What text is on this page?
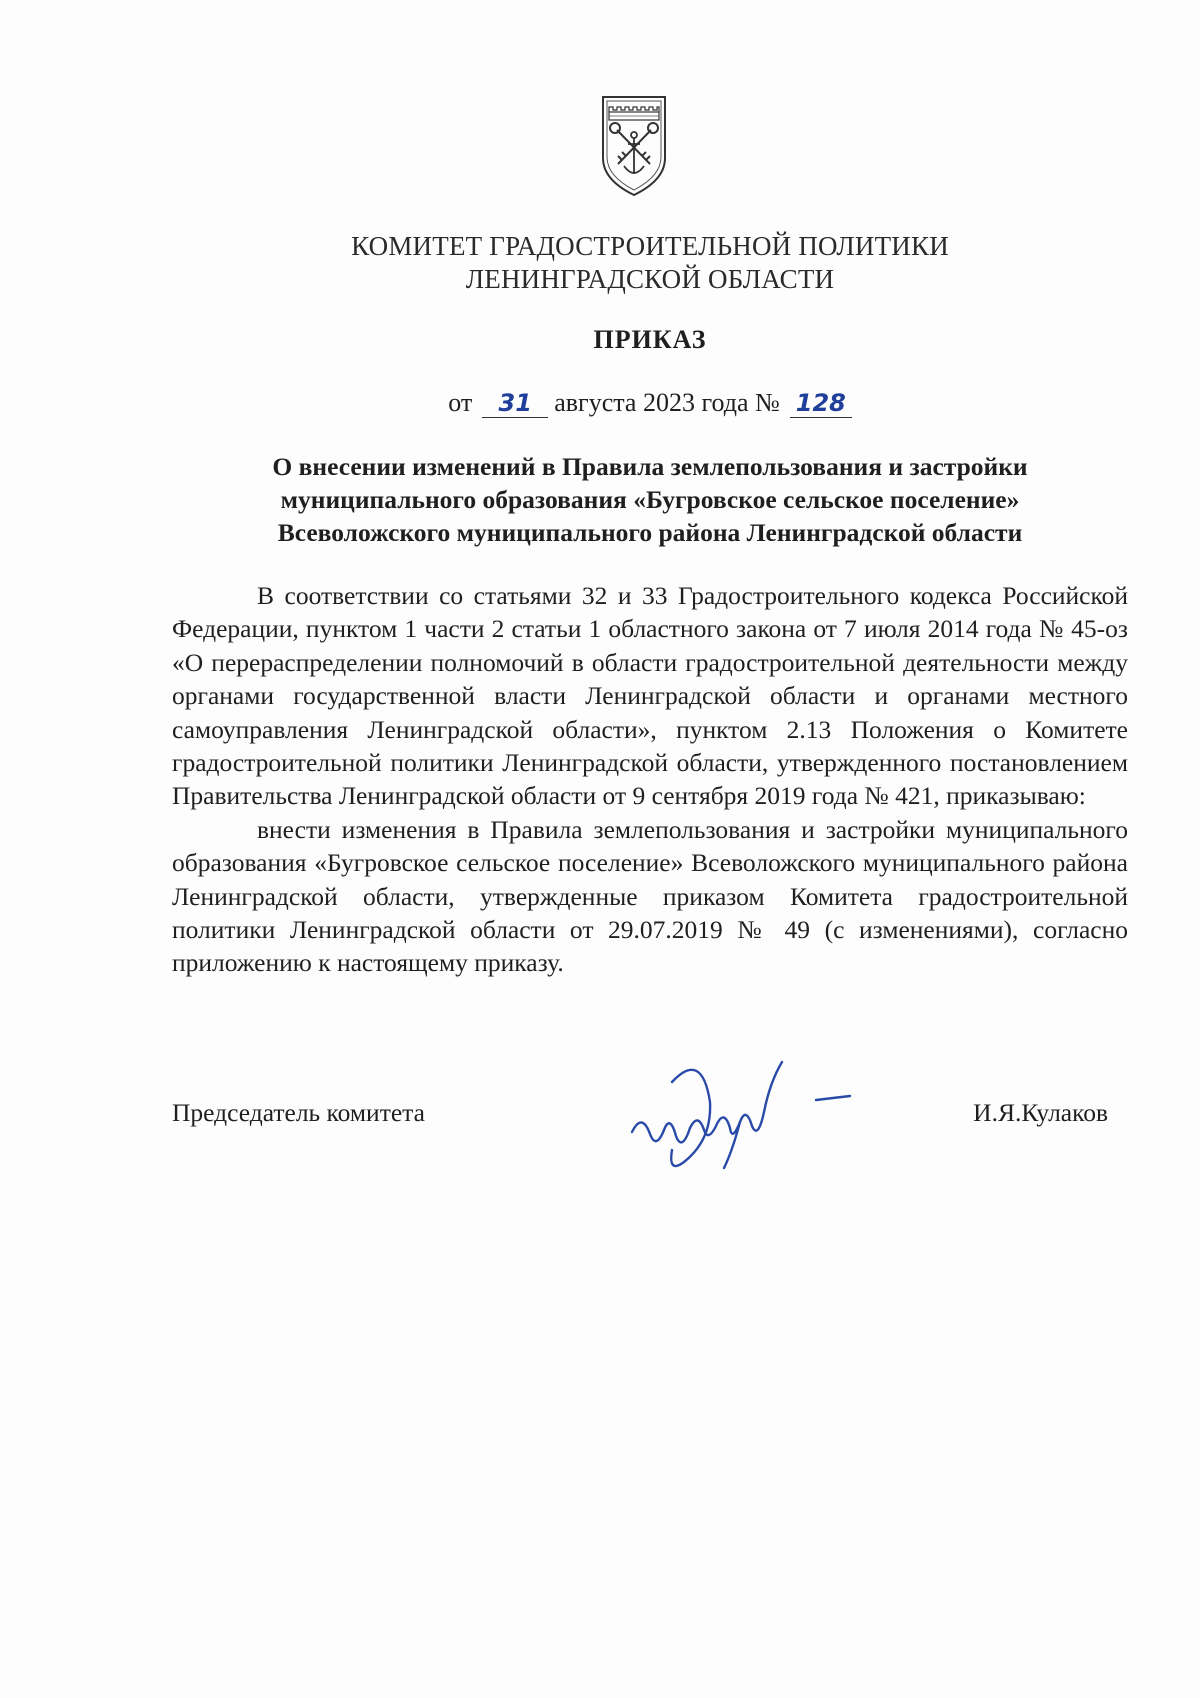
КОМИТЕТ ГРАДОСТРОИТЕЛЬНОЙ ПОЛИТИКИ
ЛЕНИНГРАДСКОЙ ОБЛАСТИ
ПРИКАЗ
от 31 августа 2023 года № 128
О внесении изменений в Правила землепользования и застройки
муниципального образования «Бугровское сельское поселение»
Всеволожского муниципального района Ленинградской области

В соответствии со статьями 32 и 33 Градостроительного кодекса Российской Федерации, пунктом 1 части 2 статьи 1 областного закона от 7 июля 2014 года № 45-оз «О перераспределении полномочий в области градостроительной деятельности между органами государственной власти Ленинградской области и органами местного самоуправления Ленинградской области», пунктом 2.13 Положения о Комитете градостроительной политики Ленинградской области, утвержденного постановлением Правительства Ленинградской области от 9 сентября 2019 года № 421, приказываю:

внести изменения в Правила землепользования и застройки муниципального образования «Бугровское сельское поселение» Всеволожского муниципального района Ленинградской области, утвержденные приказом Комитета градостроительной политики Ленинградской области от 29.07.2019 № 49 (с изменениями), согласно приложению к настоящему приказу.

Председатель комитета	И.Я.Кулаков
